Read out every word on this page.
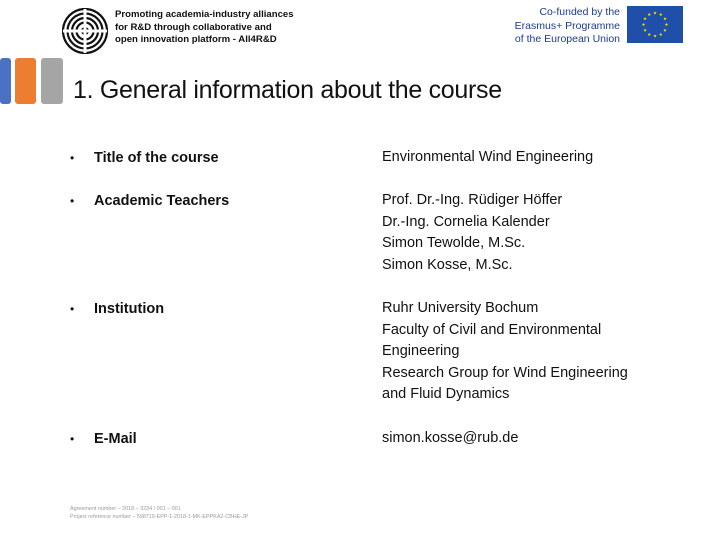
Promoting academia-industry alliances
for R&D through collaborative and
open innovation platform - All4R&D
Co-funded by the
Erasmus+ Programme
of the European Union
1. General information about the course
• Title of the course	Environmental Wind Engineering
• Academic Teachers	Prof. Dr.-Ing. Rüdiger Höffer
Dr.-Ing. Cornelia Kalender
Simon Tewolde, M.Sc.
Simon Kosse, M.Sc.
• Institution	Ruhr University Bochum
Faculty of Civil and Environmental
Engineering
Research Group for Wind Engineering
and Fluid Dynamics
• E-Mail	simon.kosse@rub.de
Agreement number – 2018 – 3234 / 001 – 001
Project reference number – 598719-EPP-1-2018-1-MK-EPPKA2-CBHE-JP
